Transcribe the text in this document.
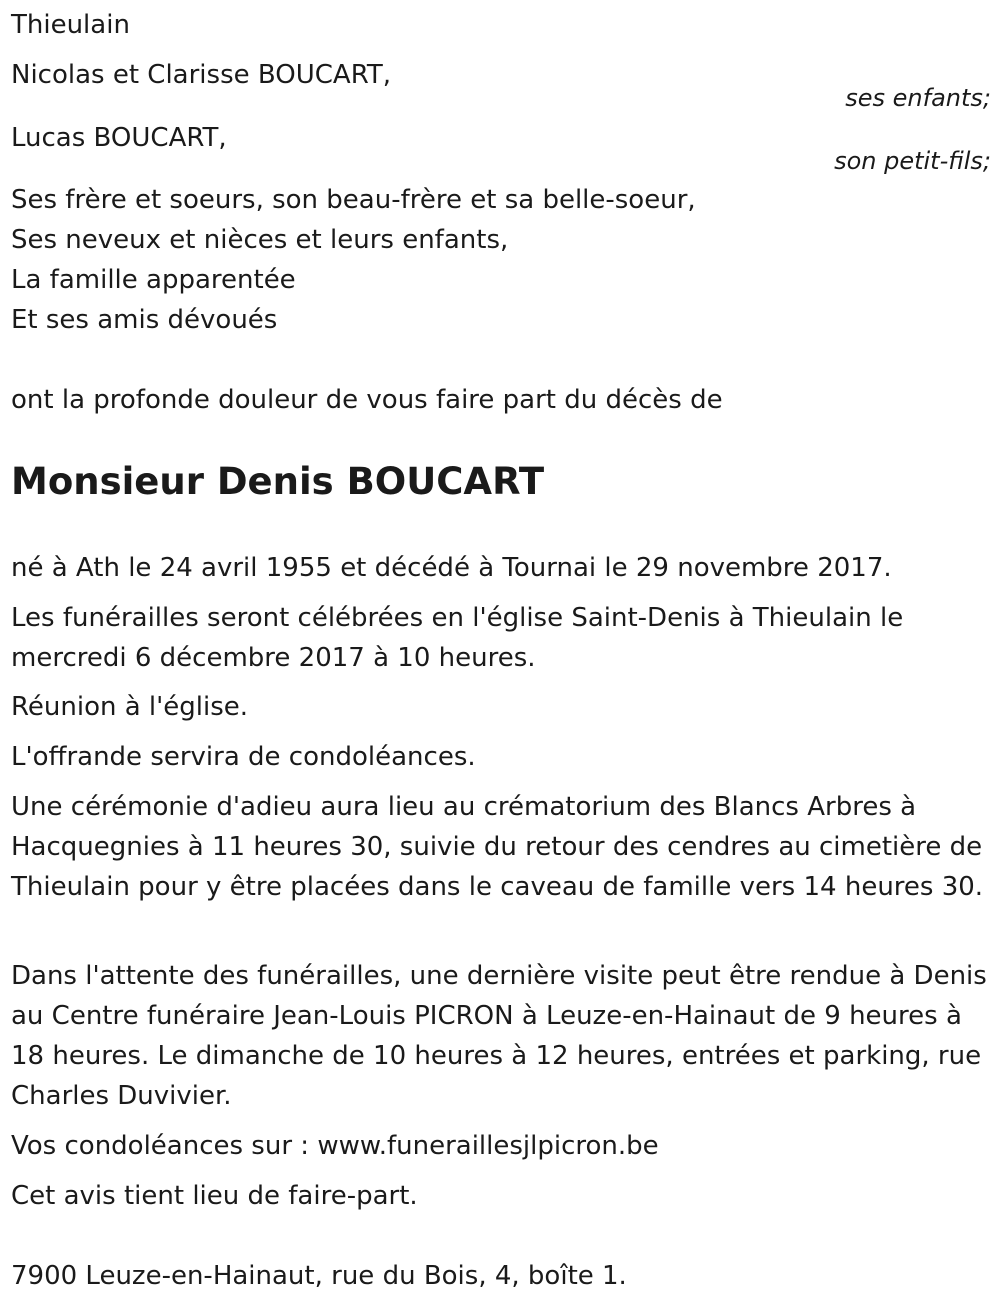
Thieulain
Nicolas et Clarisse BOUCART,
ses enfants;
Lucas BOUCART,
son petit-fils;
Ses frère et soeurs, son beau-frère et sa belle-soeur,
Ses neveux et nièces et leurs enfants,
La famille apparentée
Et ses amis dévoués
ont la profonde douleur de vous faire part du décès de
Monsieur Denis BOUCART
né à Ath le 24 avril 1955 et décédé à Tournai le 29 novembre 2017.
Les funérailles seront célébrées en l'église Saint-Denis à Thieulain le mercredi 6 décembre 2017 à 10 heures.
Réunion à l'église.
L'offrande servira de condoléances.
Une cérémonie d'adieu aura lieu au crématorium des Blancs Arbres à Hacquegnies à 11 heures 30, suivie du retour des cendres au cimetière de Thieulain pour y être placées dans le caveau de famille vers 14 heures 30.
Dans l'attente des funérailles, une dernière visite peut être rendue à Denis au Centre funéraire Jean-Louis PICRON à Leuze-en-Hainaut de 9 heures à 18 heures. Le dimanche de 10 heures à 12 heures, entrées et parking, rue Charles Duvivier.
Vos condoléances sur : www.funeraillesjlpicron.be
Cet avis tient lieu de faire-part.
7900 Leuze-en-Hainaut, rue du Bois, 4, boîte 1.
